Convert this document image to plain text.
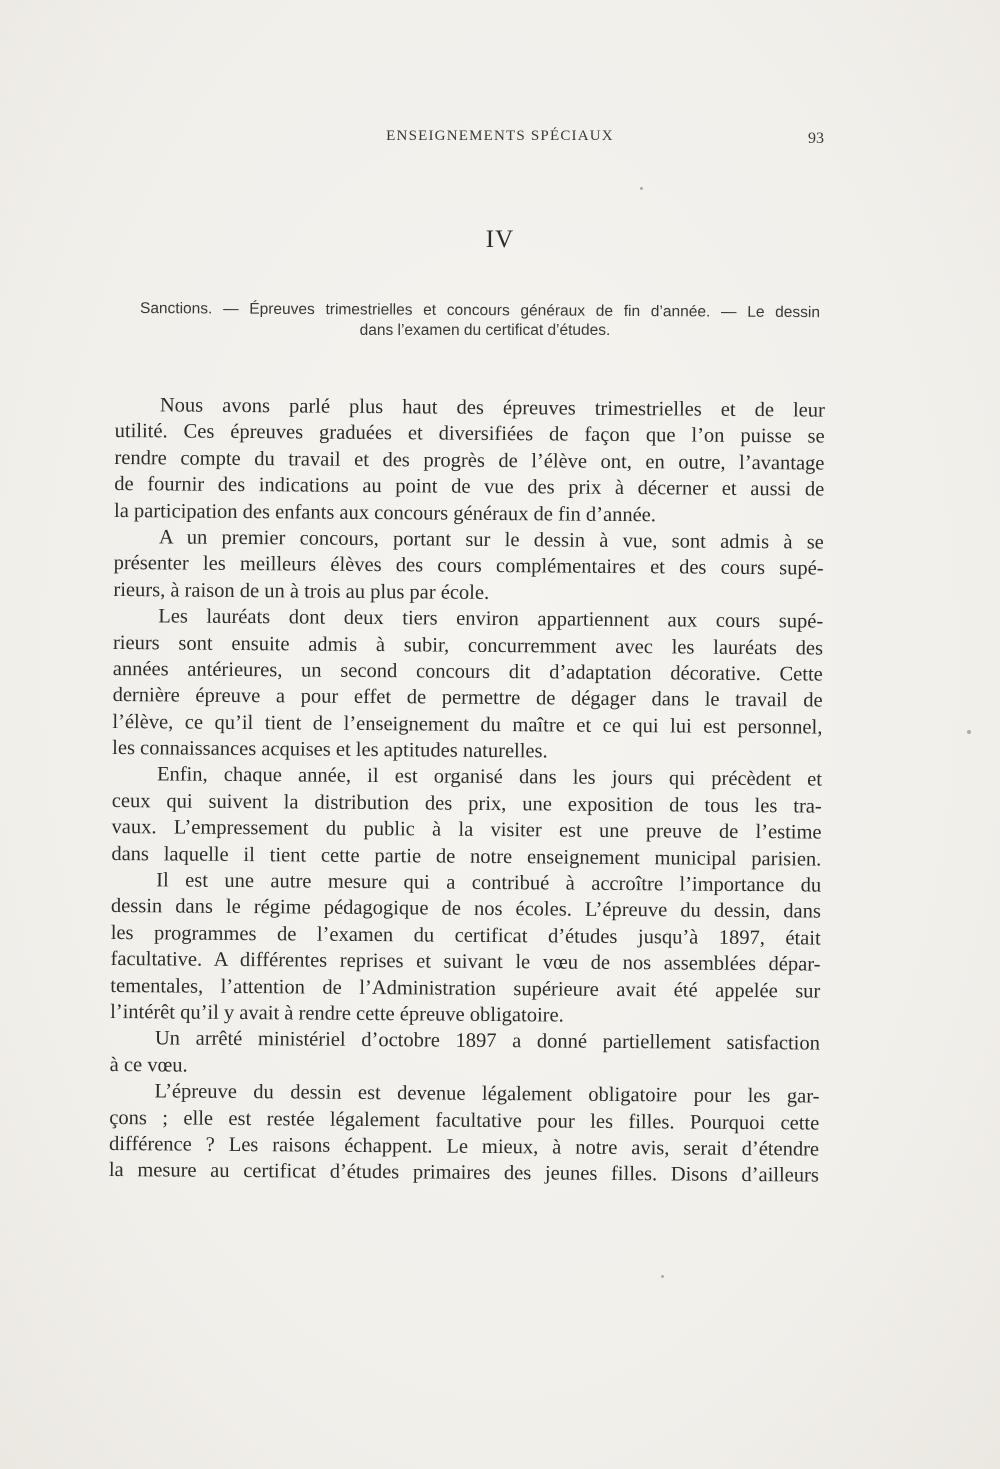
ENSEIGNEMENTS SPÉCIAUX	93
IV
Sanctions. — Épreuves trimestrielles et concours généraux de fin d’année. — Le dessin
dans l’examen du certificat d’études.
Nous avons parlé plus haut des épreuves trimestrielles et de leur
utilité. Ces épreuves graduées et diversifiées de façon que l’on puisse se
rendre compte du travail et des progrès de l’élève ont, en outre, l’avantage
de fournir des indications au point de vue des prix à décerner et aussi de
la participation des enfants aux concours généraux de fin d’année.
A un premier concours, portant sur le dessin à vue, sont admis à se
présenter les meilleurs élèves des cours complémentaires et des cours supé-
rieurs, à raison de un à trois au plus par école.
Les lauréats dont deux tiers environ appartiennent aux cours supé-
rieurs sont ensuite admis à subir, concurremment avec les lauréats des
années antérieures, un second concours dit d’adaptation décorative. Cette
dernière épreuve a pour effet de permettre de dégager dans le travail de
l’élève, ce qu’il tient de l’enseignement du maître et ce qui lui est personnel,
les connaissances acquises et les aptitudes naturelles.
Enfin, chaque année, il est organisé dans les jours qui précèdent et
ceux qui suivent la distribution des prix, une exposition de tous les tra-
vaux. L’empressement du public à la visiter est une preuve de l’estime
dans laquelle il tient cette partie de notre enseignement municipal parisien.
Il est une autre mesure qui a contribué à accroître l’importance du
dessin dans le régime pédagogique de nos écoles. L’épreuve du dessin, dans
les programmes de l’examen du certificat d’études jusqu’à 1897, était
facultative. A différentes reprises et suivant le vœu de nos assemblées dépar-
tementales, l’attention de l’Administration supérieure avait été appelée sur
l’intérêt qu’il y avait à rendre cette épreuve obligatoire.
Un arrêté ministériel d’octobre 1897 a donné partiellement satisfaction
à ce vœu.
L’épreuve du dessin est devenue légalement obligatoire pour les gar-
çons ; elle est restée légalement facultative pour les filles. Pourquoi cette
différence ? Les raisons échappent. Le mieux, à notre avis, serait d’étendre
la mesure au certificat d’études primaires des jeunes filles. Disons d’ailleurs
